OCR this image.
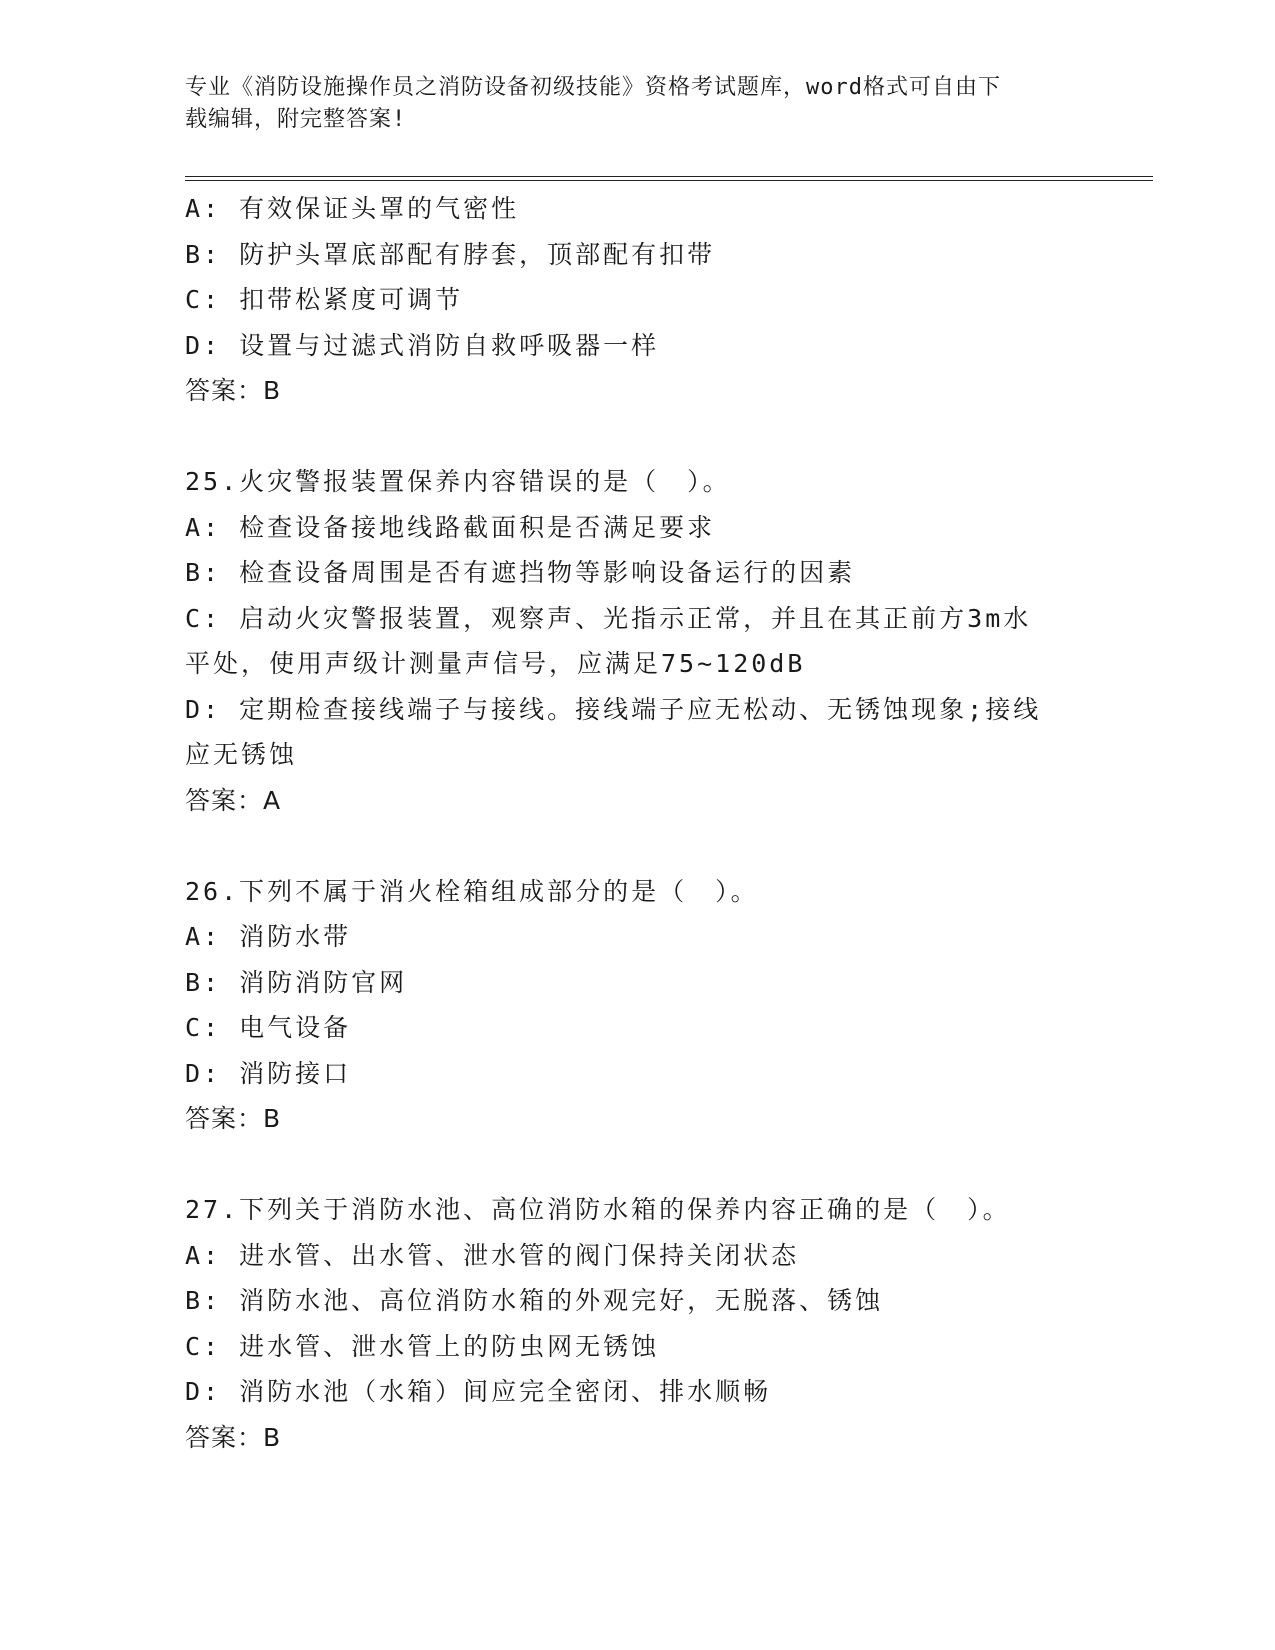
专业《消防设施操作员之消防设备初级技能》资格考试题库，word格式可自由下
载编辑，附完整答案!
A: 有效保证头罩的气密性
B: 防护头罩底部配有脖套，顶部配有扣带
C: 扣带松紧度可调节
D: 设置与过滤式消防自救呼吸器一样
答案：B
25.火灾警报装置保养内容错误的是（　）。
A: 检查设备接地线路截面积是否满足要求
B: 检查设备周围是否有遮挡物等影响设备运行的因素
C: 启动火灾警报装置，观察声、光指示正常，并且在其正前方3m水
平处，使用声级计测量声信号，应满足75~120dB
D: 定期检查接线端子与接线。接线端子应无松动、无锈蚀现象;接线
应无锈蚀
答案：A
26.下列不属于消火栓箱组成部分的是（　）。
A: 消防水带
B: 消防消防官网
C: 电气设备
D: 消防接口
答案：B
27.下列关于消防水池、高位消防水箱的保养内容正确的是（　）。
A: 进水管、出水管、泄水管的阀门保持关闭状态
B: 消防水池、高位消防水箱的外观完好，无脱落、锈蚀
C: 进水管、泄水管上的防虫网无锈蚀
D: 消防水池（水箱）间应完全密闭、排水顺畅
答案：B
